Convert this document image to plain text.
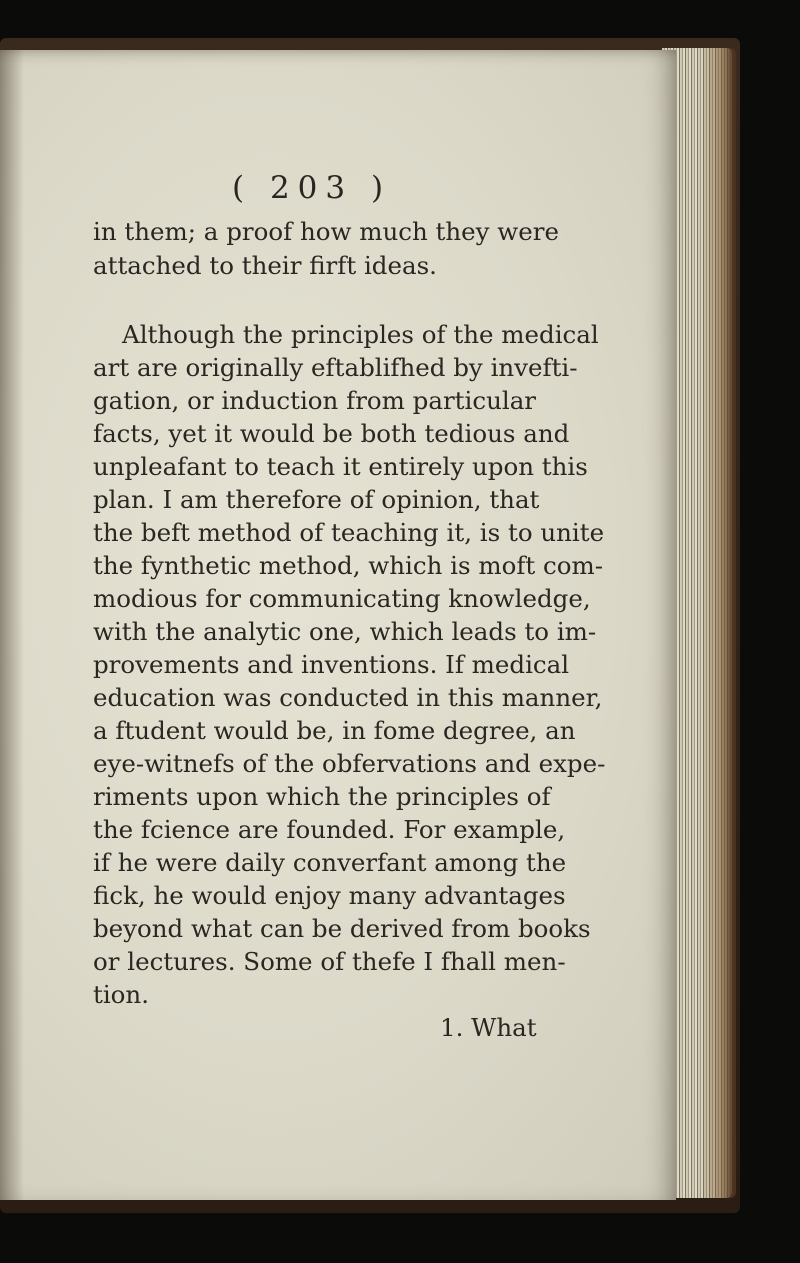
( 203 )
in them; a proof how much they were
attached to their firft ideas.
Although the principles of the medical
art are originally eftablifhed by invefti-
gation, or induction from particular
facts, yet it would be both tedious and
unpleafant to teach it entirely upon this
plan. I am therefore of opinion, that
the beft method of teaching it, is to unite
the fynthetic method, which is moft com-
modious for communicating knowledge,
with the analytic one, which leads to im-
provements and inventions. If medical
education was conducted in this manner,
a ftudent would be, in fome degree, an
eye-witnefs of the obfervations and expe-
riments upon which the principles of
the fcience are founded. For example,
if he were daily converfant among the
fick, he would enjoy many advantages
beyond what can be derived from books
or lectures. Some of thefe I fhall men-
tion.
1. What
